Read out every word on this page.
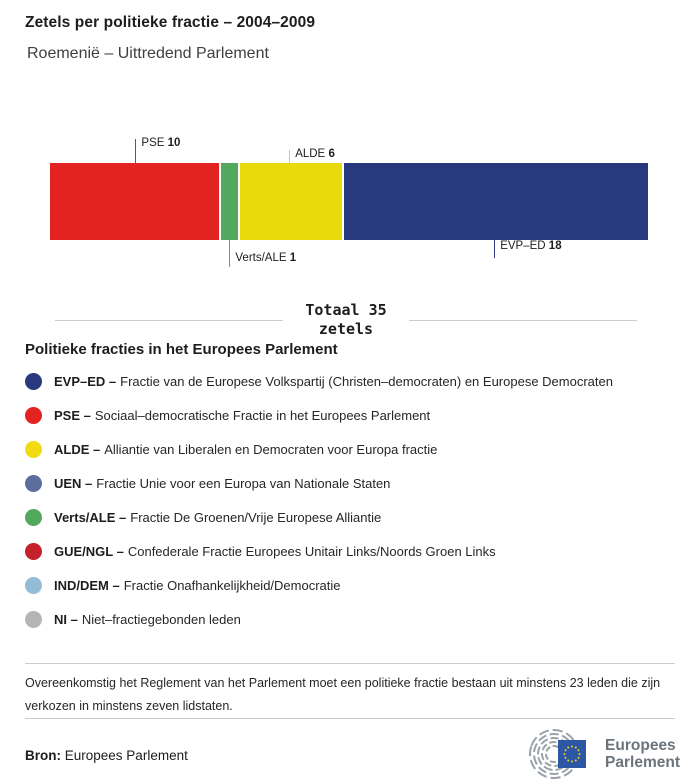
Zetels per politieke fractie – 2004–2009
Roemenië – Uittredend Parlement
PSE 10
Verts/ALE 1
ALDE 6
EVP–ED 18
Totaal 35
zetels
Politieke fracties in het Europees Parlement
EVP–ED – Fractie van de Europese Volkspartij (Christen–democraten) en Europese Democraten
PSE – Sociaal–democratische Fractie in het Europees Parlement
ALDE – Alliantie van Liberalen en Democraten voor Europa fractie
UEN – Fractie Unie voor een Europa van Nationale Staten
Verts/ALE – Fractie De Groenen/Vrije Europese Alliantie
GUE/NGL – Confederale Fractie Europees Unitair Links/Noords Groen Links
IND/DEM – Fractie Onafhankelijkheid/Democratie
NI – Niet–fractiegebonden leden

Overeenkomstig het Reglement van het Parlement moet een politieke fractie bestaan uit minstens 23 leden die zijn verkozen in minstens zeven lidstaten.

Bron: Europees Parlement

Europees
Parlement
